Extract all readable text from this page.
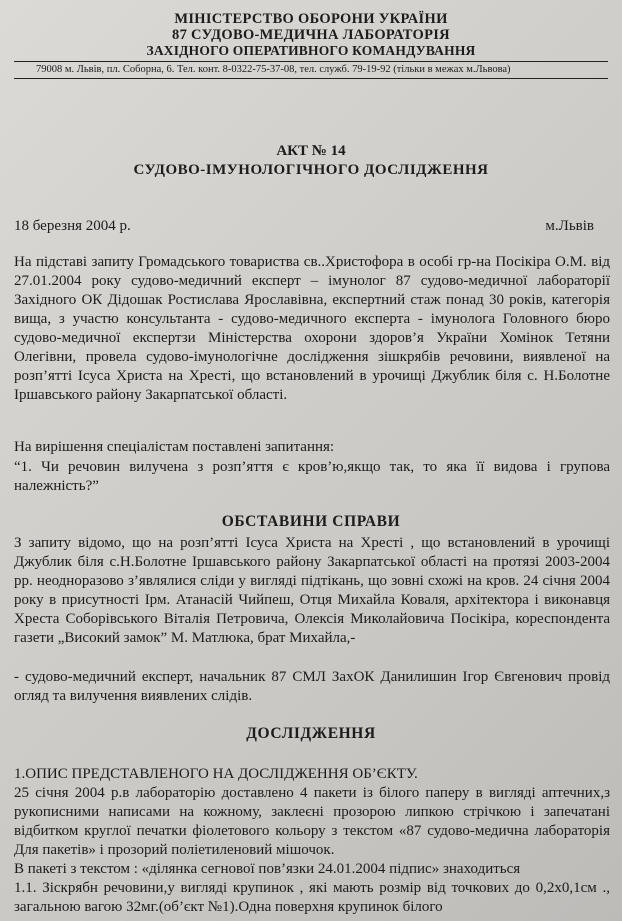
МІНІСТЕРСТВО ОБОРОНИ УКРАЇНИ
87 СУДОВО-МЕДИЧНА ЛАБОРАТОРІЯ
ЗАХІДНОГО ОПЕРАТИВНОГО КОМАНДУВАННЯ
79008 м. Львів, пл. Соборна, 6. Тел. конт. 8-0322-75-37-08, тел. служб. 79-19-92 (тільки в межах м.Львова)
АКТ № 14
СУДОВО-ІМУНОЛОГІЧНОГО ДОСЛІДЖЕННЯ
18 березня 2004 р.	м.Львів
На підставі запиту Громадського товариства св..Христофора в особі гр-на Посікіра О.М. від 27.01.2004 року судово-медичний експерт – імунолог 87 судово-медичної лабораторії Західного ОК Дідошак Ростислава Ярославівна, експертний стаж понад 30 років, категорія вища, з участю консультанта - судово-медичного експерта - імунолога Головного бюро судово-медичної експертзи Міністерства охорони здоров’я України Хомінок Тетяни Олегівни, провела судово-імунологічне дослідження зішкрябів речовини, виявленої на розп’ятті Ісуса Христа на Хресті, що встановлений в урочищі Джублик біля с. Н.Болотне Іршавського району Закарпатської області.
На вирішення спеціалістам поставлені запитання:
“1. Чи речовин вилучена з розп’яття є кров’ю,якщо так, то яка її видова і групова належність?”
ОБСТАВИНИ СПРАВИ
З запиту відомо, що на розп’ятті Ісуса Христа на Хресті , що встановлений в урочищі Джублик біля с.Н.Болотне Іршавського району Закарпатської області на протязі 2003-2004 рр. неодноразово з’являлися сліди у вигляді підтікань, що зовні схожі на кров. 24 січня 2004 року в присутності Ірм. Атанасій Чийпеш, Отця Михайла Коваля, архітектора і виконавця Хреста Соборівського Віталія Петровича, Олексія Миколайовича Посікіра, кореспондента газети „Високий замок” М. Матлюка, брат Михайла,-
- судово-медичний експерт, начальник 87 СМЛ ЗахОК Данилишин Ігор Євгенович провід огляд та вилучення виявлених слідів.
ДОСЛІДЖЕННЯ
1.ОПИС ПРЕДСТАВЛЕНОГО НА ДОСЛІДЖЕННЯ ОБ’ЄКТУ.
25 січня 2004 р.в лабораторію доставлено 4 пакети із білого паперу в вигляді аптечних,з рукописними написами на кожному, заклеєні прозорою липкою стрічкою і запечатані відбитком круглої печатки фіолетового кольору з текстом «87 судово-медична лабораторія Для пакетів» і прозорий поліетиленовий мішочок.
В пакеті з текстом : «ділянка сегнової пов’язки 24.01.2004 підпис» знаходиться
1.1. Зіскрябн речовини,у вигляді крупинок , які мають розмір від точкових до 0,2х0,1см ., загальною вагою 32мг.(об’єкт №1).Одна поверхня крупинок білого
